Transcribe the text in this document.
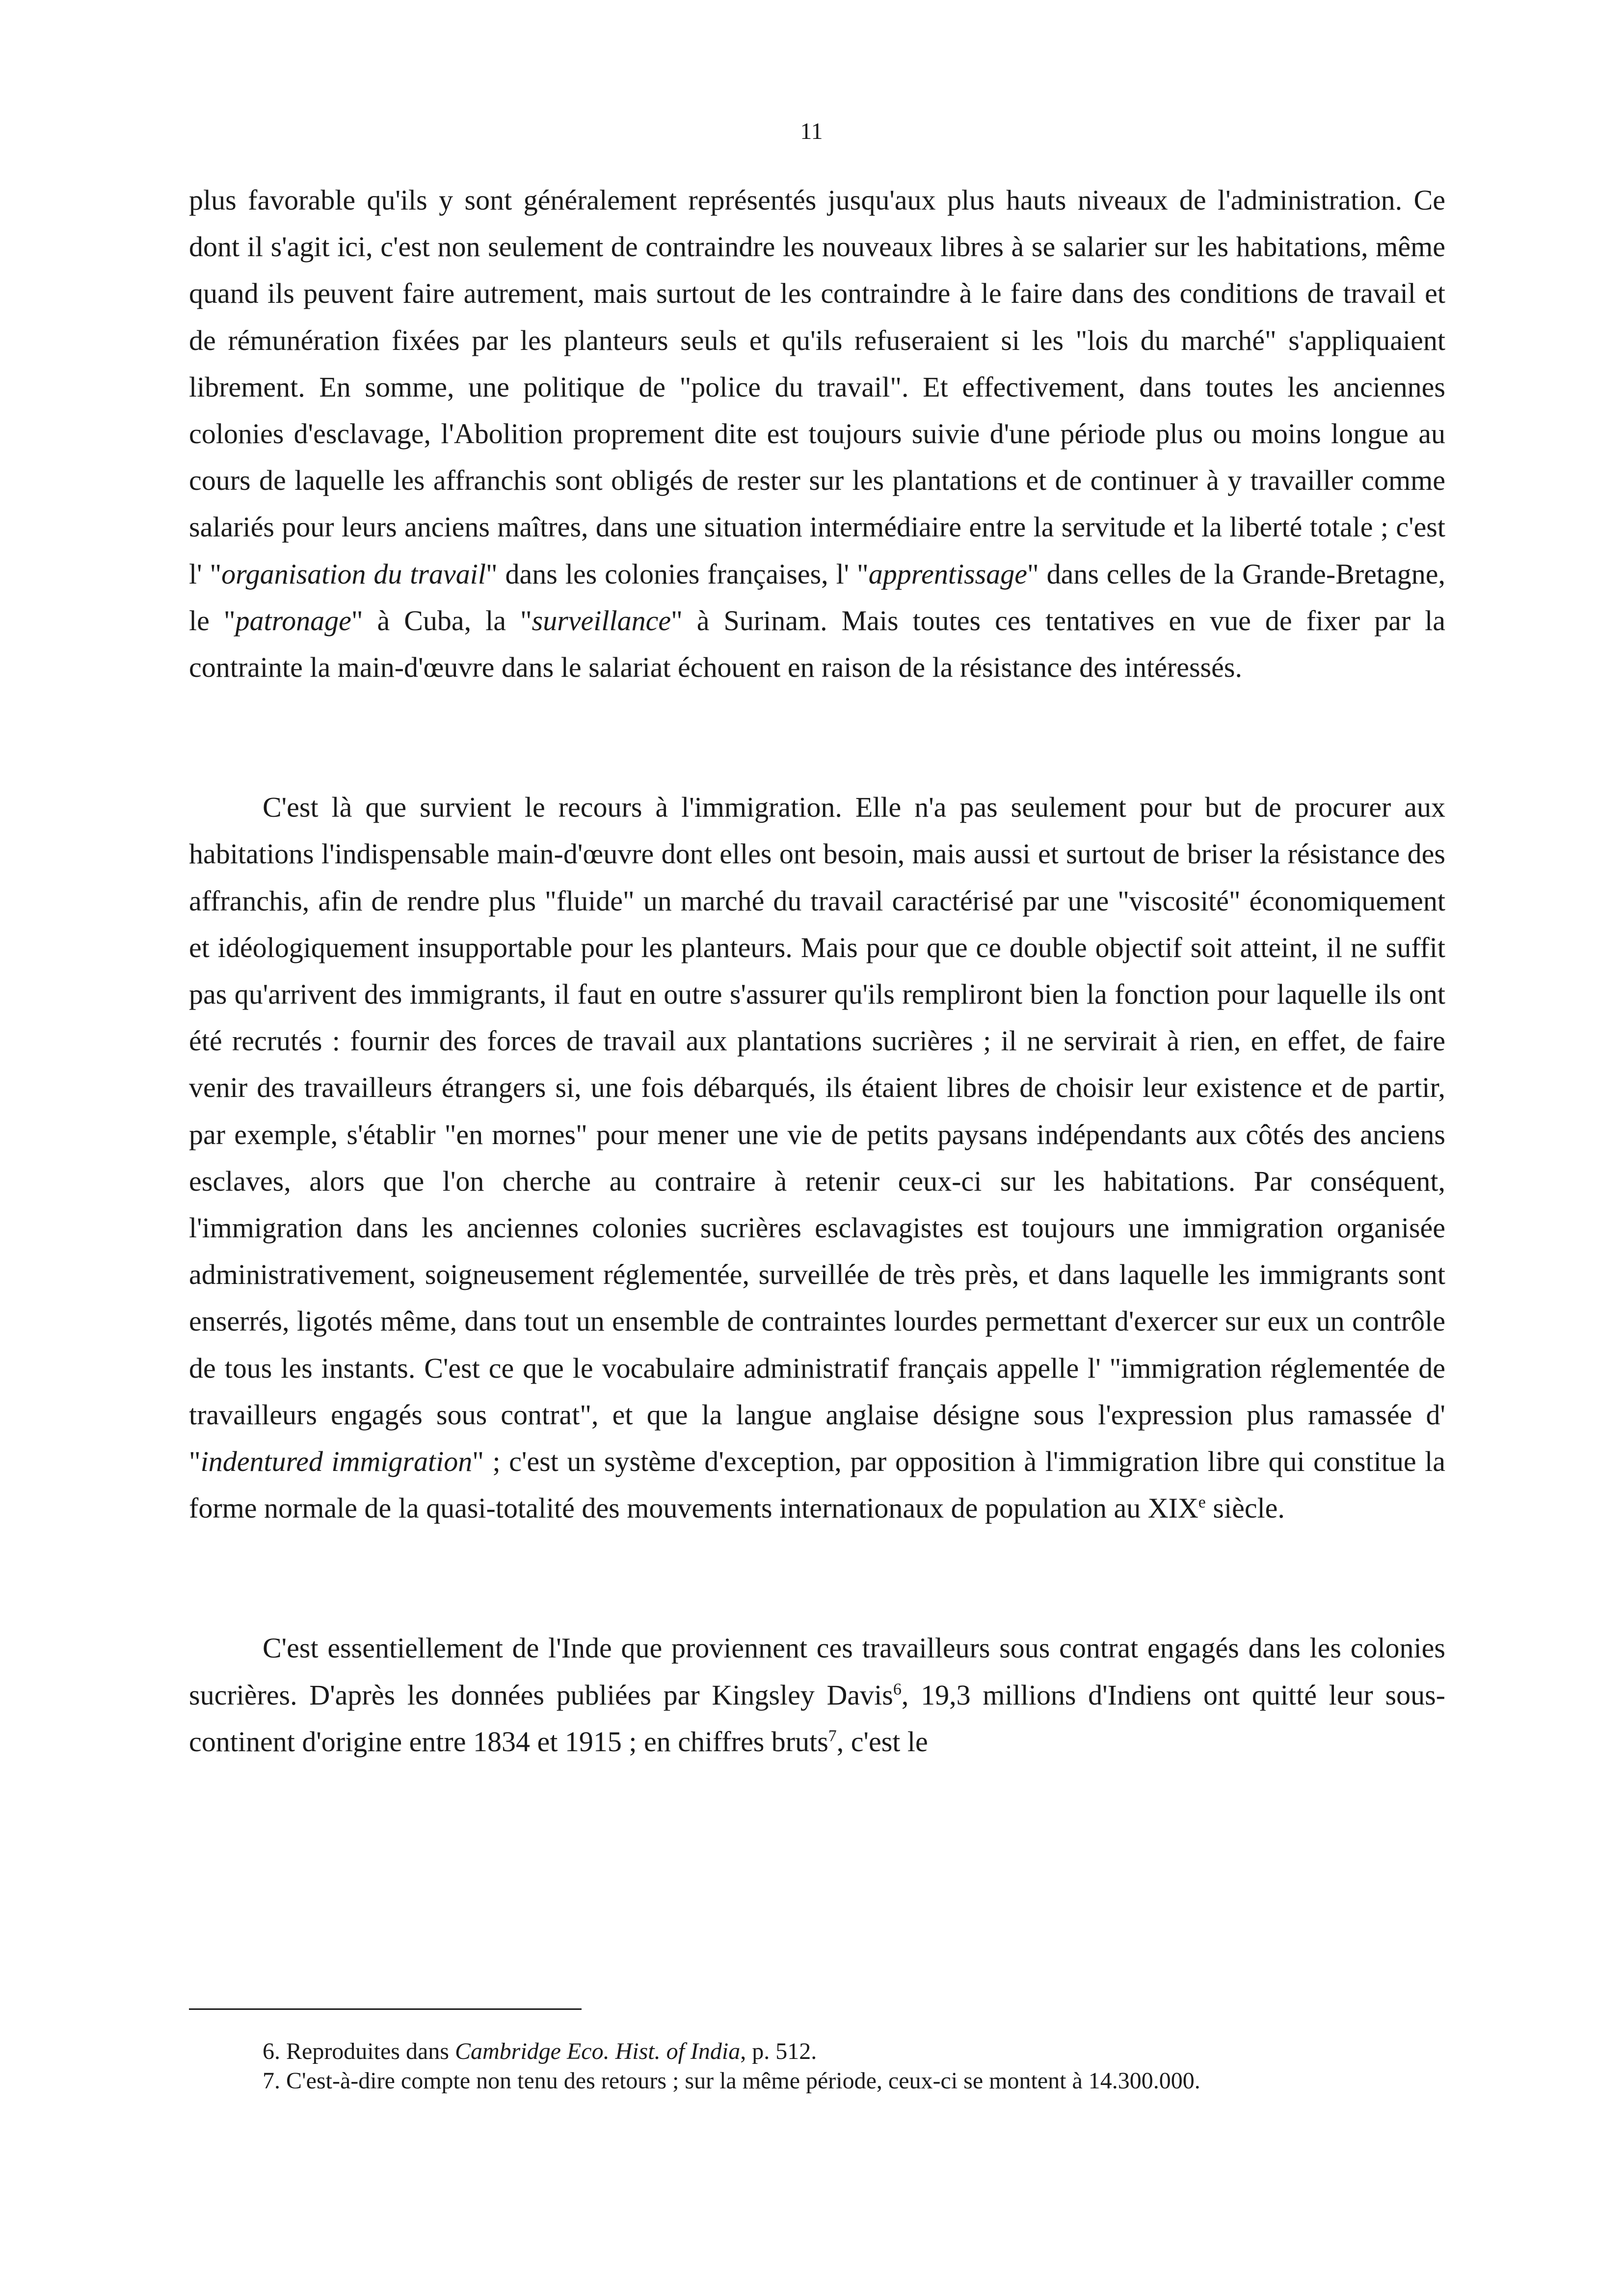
11

plus favorable qu'ils y sont généralement représentés jusqu'aux plus hauts niveaux de l'administration. Ce dont il s'agit ici, c'est non seulement de contraindre les nouveaux libres à se salarier sur les habitations, même quand ils peuvent faire autrement, mais surtout de les contraindre à le faire dans des conditions de travail et de rémunération fixées par les planteurs seuls et qu'ils refuseraient si les "lois du marché" s'appliquaient librement. En somme, une politique de "police du travail". Et effectivement, dans toutes les anciennes colonies d'esclavage, l'Abolition proprement dite est toujours suivie d'une période plus ou moins longue au cours de laquelle les affranchis sont obligés de rester sur les plantations et de continuer à y travailler comme salariés pour leurs anciens maîtres, dans une situation intermédiaire entre la servitude et la liberté totale ; c'est l' "organisation du travail" dans les colonies françaises, l' "apprentissage" dans celles de la Grande-Bretagne, le "patronage" à Cuba, la "surveillance" à Surinam. Mais toutes ces tentatives en vue de fixer par la contrainte la main-d'œuvre dans le salariat échouent en raison de la résistance des intéressés.

C'est là que survient le recours à l'immigration. Elle n'a pas seulement pour but de procurer aux habitations l'indispensable main-d'œuvre dont elles ont besoin, mais aussi et surtout de briser la résistance des affranchis, afin de rendre plus "fluide" un marché du travail caractérisé par une "viscosité" économiquement et idéologiquement insupportable pour les planteurs. Mais pour que ce double objectif soit atteint, il ne suffit pas qu'arrivent des immigrants, il faut en outre s'assurer qu'ils rempliront bien la fonction pour laquelle ils ont été recrutés : fournir des forces de travail aux plantations sucrières ; il ne servirait à rien, en effet, de faire venir des travailleurs étrangers si, une fois débarqués, ils étaient libres de choisir leur existence et de partir, par exemple, s'établir "en mornes" pour mener une vie de petits paysans indépendants aux côtés des anciens esclaves, alors que l'on cherche au contraire à retenir ceux-ci sur les habitations. Par conséquent, l'immigration dans les anciennes colonies sucrières esclavagistes est toujours une immigration organisée administrativement, soigneusement réglementée, surveillée de très près, et dans laquelle les immigrants sont enserrés, ligotés même, dans tout un ensemble de contraintes lourdes permettant d'exercer sur eux un contrôle de tous les instants. C'est ce que le vocabulaire administratif français appelle l' "immigration réglementée de travailleurs engagés sous contrat", et que la langue anglaise désigne sous l'expression plus ramassée d' "indentured immigration" ; c'est un système d'exception, par opposition à l'immigration libre qui constitue la forme normale de la quasi-totalité des mouvements internationaux de population au XIXe siècle.

C'est essentiellement de l'Inde que proviennent ces travailleurs sous contrat engagés dans les colonies sucrières. D'après les données publiées par Kingsley Davis$^6$, 19,3 millions d'Indiens ont quitté leur sous-continent d'origine entre 1834 et 1915 ; en chiffres bruts$^7$, c'est le

6. Reproduites dans Cambridge Eco. Hist. of India, p. 512.

7. C'est-à-dire compte non tenu des retours ; sur la même période, ceux-ci se montent à 14.300.000.
